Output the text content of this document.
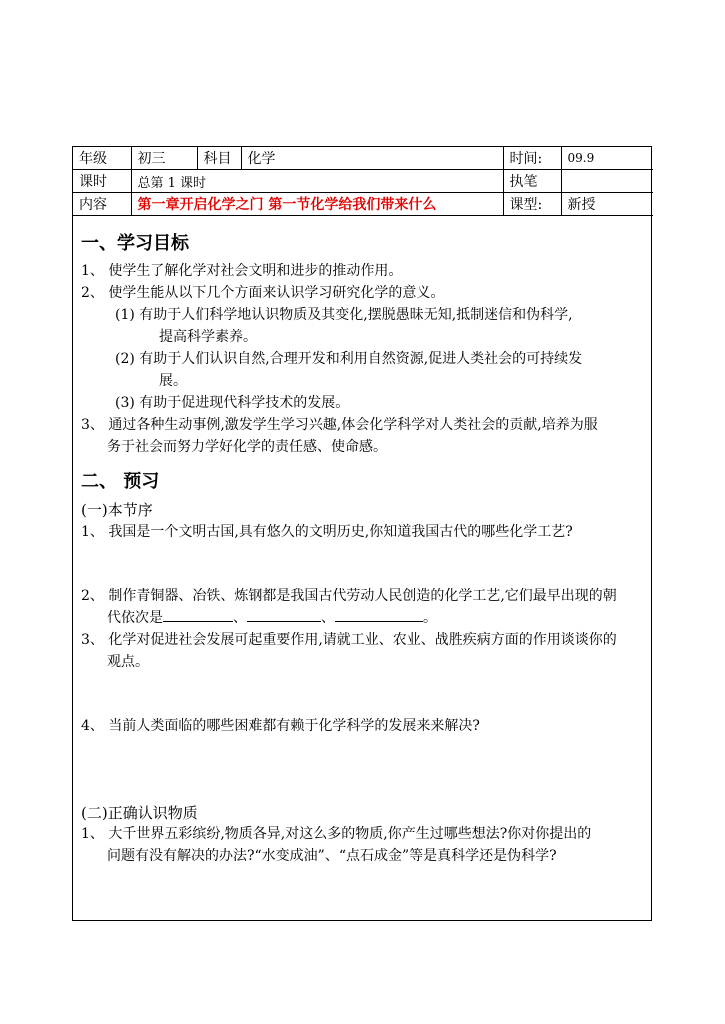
年级	初三	科目	化学	时间:	09.9
课时	总第 1 课时			执笔	
内容	第一章开启化学之门 第一节化学给我们带来什么			课型:	新授
一、学习目标
1、 使学生了解化学对社会文明和进步的推动作用。
2、 使学生能从以下几个方面来认识学习研究化学的意义。
(1) 有助于人们科学地认识物质及其变化,摆脱愚昧无知,抵制迷信和伪科学,
提高科学素养。
(2) 有助于人们认识自然,合理开发和利用自然资源,促进人类社会的可持续发
展。
(3) 有助于促进现代科学技术的发展。
3、 通过各种生动事例,激发学生学习兴趣,体会化学科学对人类社会的贡献,培养为服
务于社会而努力学好化学的责任感、使命感。
二、 预习
(一)本节序
1、 我国是一个文明古国,具有悠久的文明历史,你知道我国古代的哪些化学工艺?
2、 制作青铜器、冶铁、炼钢都是我国古代劳动人民创造的化学工艺,它们最早出现的朝
代依次是	、	、	。
3、 化学对促进社会发展可起重要作用,请就工业、农业、战胜疾病方面的作用谈谈你的
观点。
4、 当前人类面临的哪些困难都有赖于化学科学的发展来来解决?
(二)正确认识物质
1、 大千世界五彩缤纷,物质各异,对这么多的物质,你产生过哪些想法?你对你提出的
问题有没有解决的办法?“水变成油”、“点石成金”等是真科学还是伪科学?
